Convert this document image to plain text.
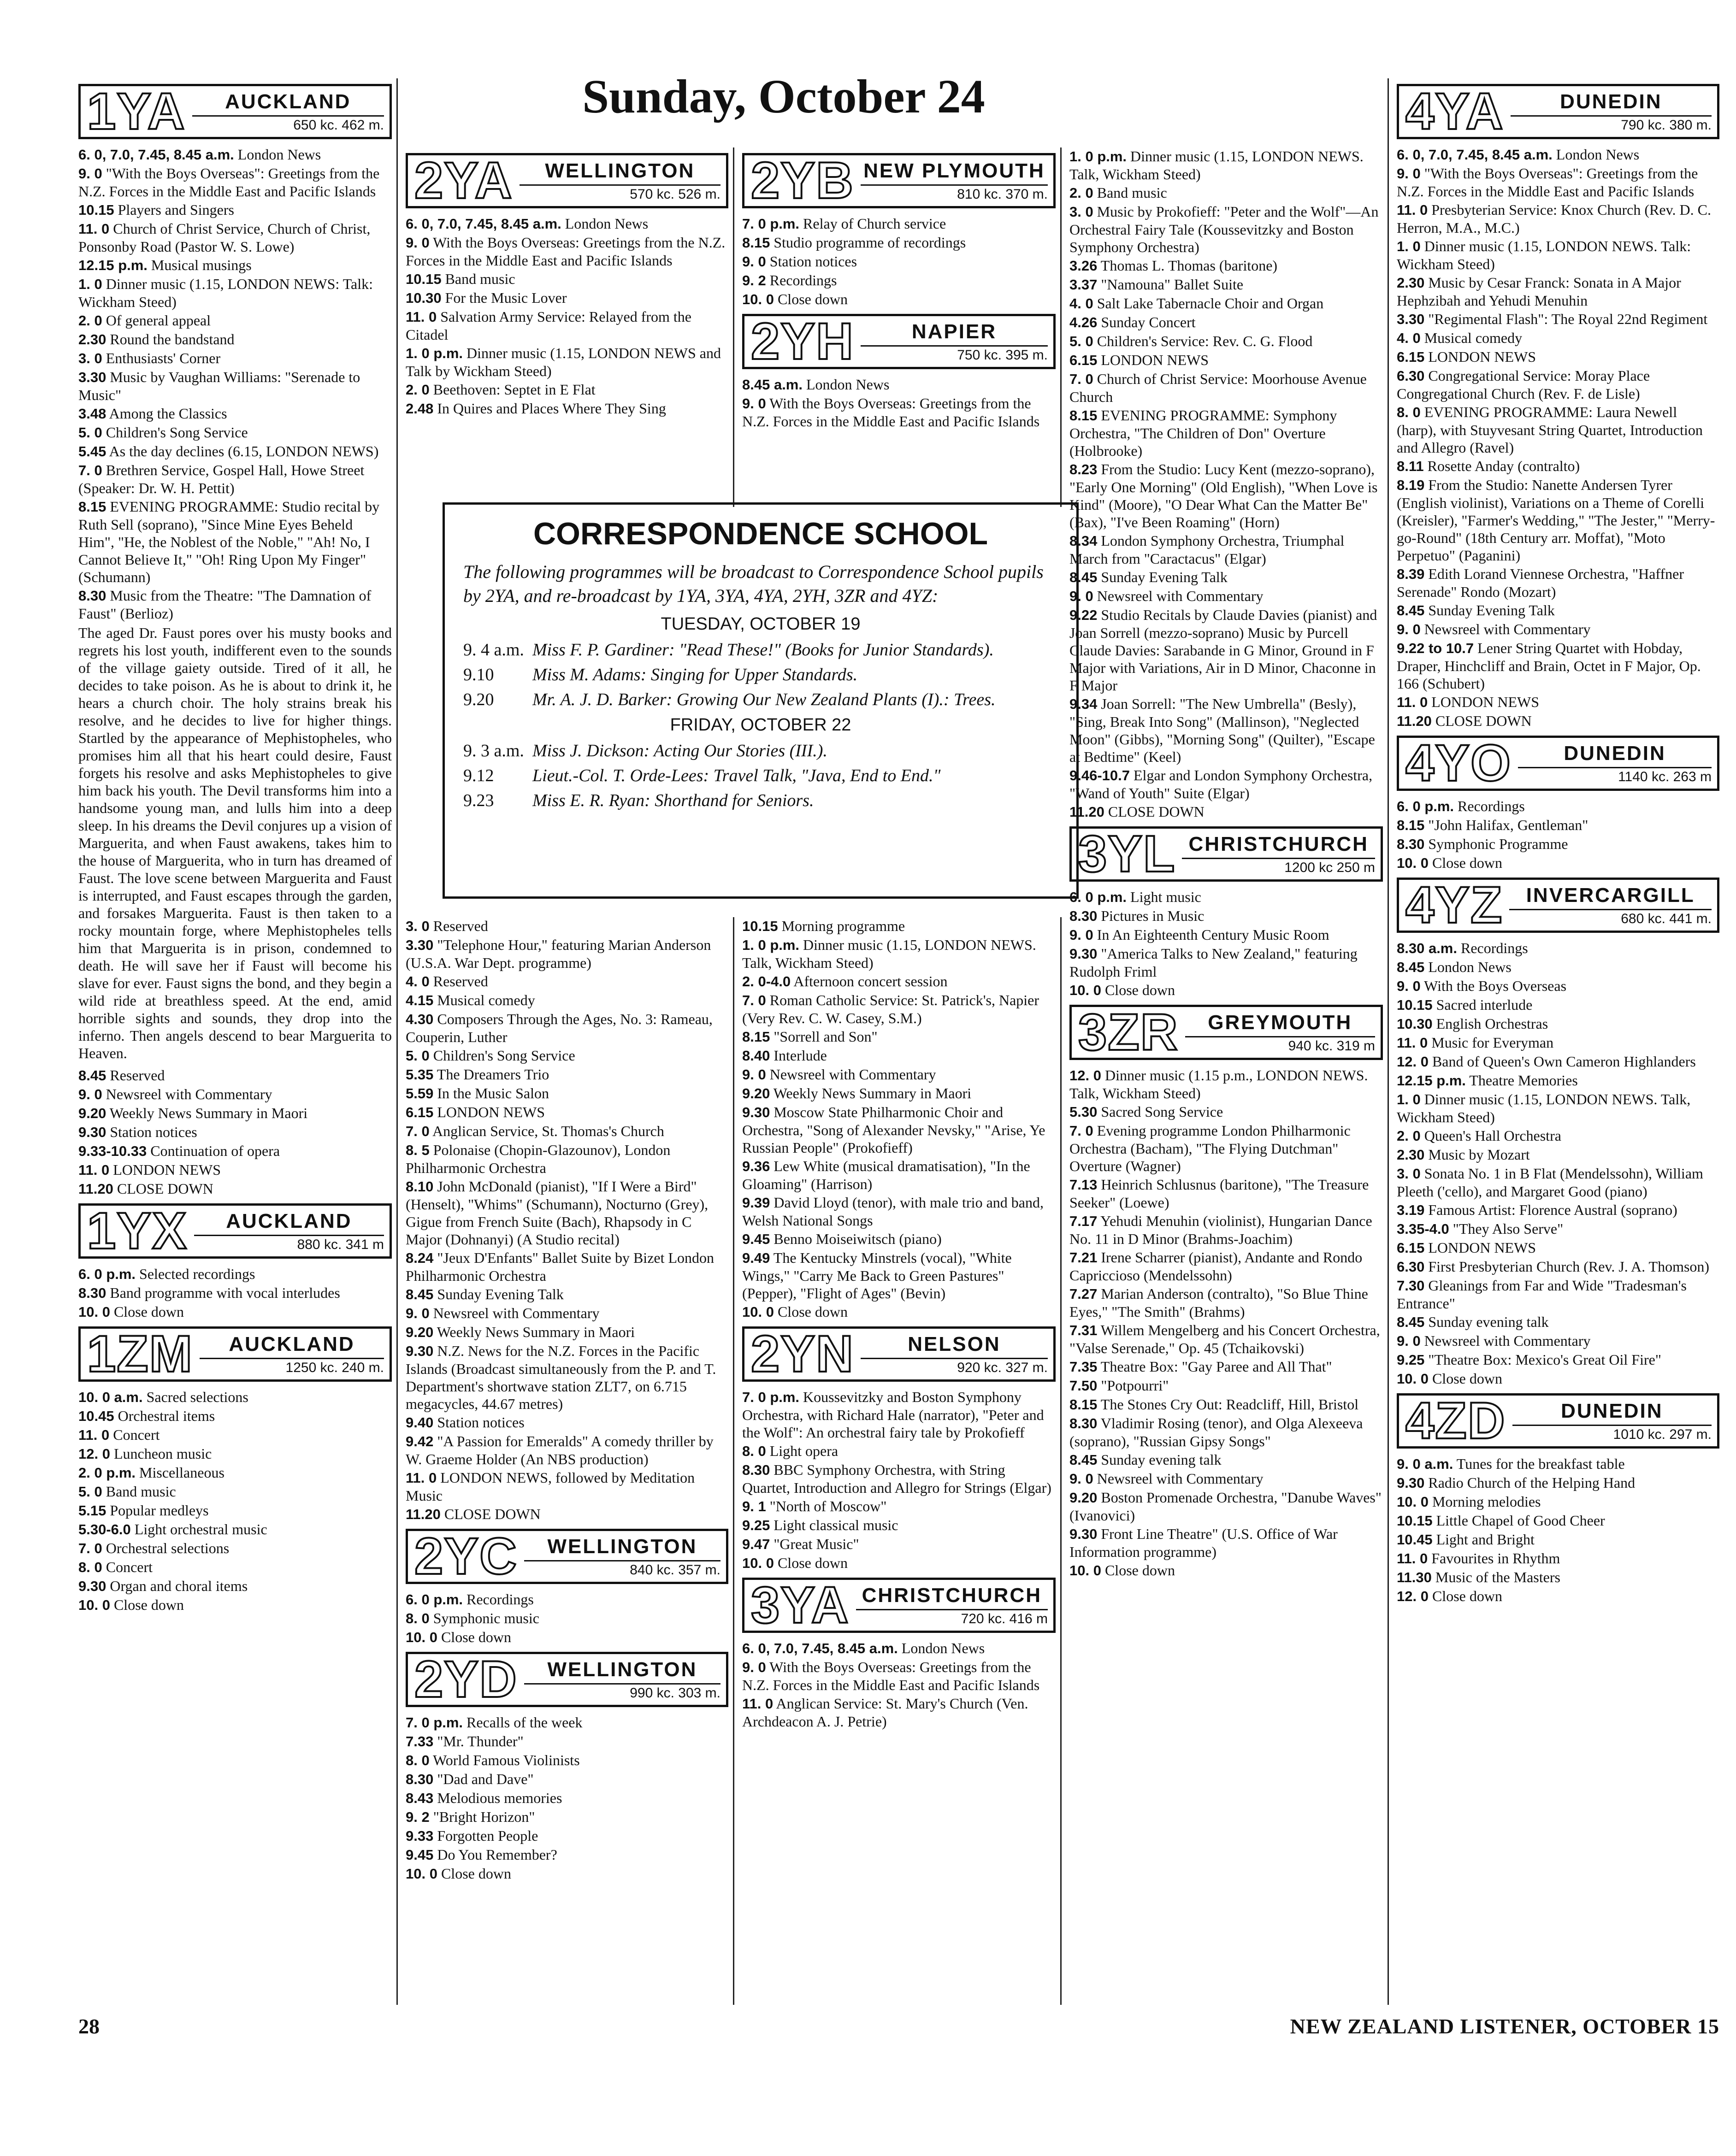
Sunday, October 24
1YA	AUCKLAND
650 kc. 462 m.
6. 0, 7.0, 7.45, 8.45 a.m. London News
9. 0 "With the Boys Overseas": Greetings from the N.Z. Forces in the Middle East and Pacific Islands
10.15 Players and Singers
11. 0 Church of Christ Service, Church of Christ, Ponsonby Road (Pastor W. S. Lowe)
12.15 p.m. Musical musings
1. 0 Dinner music (1.15, LONDON NEWS: Talk: Wickham Steed)
2. 0 Of general appeal
2.30 Round the bandstand
3. 0 Enthusiasts' Corner
3.30 Music by Vaughan Williams: "Serenade to Music"
3.48 Among the Classics
5. 0 Children's Song Service
5.45 As the day declines (6.15, LONDON NEWS)
7. 0 Brethren Service, Gospel Hall, Howe Street (Speaker: Dr. W. H. Pettit)
8.15 EVENING PROGRAMME: Studio recital by Ruth Sell (soprano), "Since Mine Eyes Beheld Him", "He, the Noblest of the Noble," "Ah! No, I Cannot Believe It," "Oh! Ring Upon My Finger" (Schumann)
8.30 Music from the Theatre: "The Damnation of Faust" (Berlioz)

The aged Dr. Faust pores over his musty books and regrets his lost youth, indifferent even to the sounds of the village gaiety outside. Tired of it all, he decides to take poison. As he is about to drink it, he hears a church choir. The holy strains break his resolve, and he decides to live for higher things. Startled by the appearance of Mephistopheles, who promises him all that his heart could desire, Faust forgets his resolve and asks Mephistopheles to give him back his youth. The Devil transforms him into a handsome young man, and lulls him into a deep sleep. In his dreams the Devil conjures up a vision of Marguerita, and when Faust awakens, takes him to the house of Marguerita, who in turn has dreamed of Faust. The love scene between Marguerita and Faust is interrupted, and Faust escapes through the garden, and forsakes Marguerita. Faust is then taken to a rocky mountain forge, where Mephistopheles tells him that Marguerita is in prison, condemned to death. He will save her if Faust will become his slave for ever. Faust signs the bond, and they begin a wild ride at breathless speed. At the end, amid horrible sights and sounds, they drop into the inferno. Then angels descend to bear Marguerita to Heaven.

8.45 Reserved
9. 0 Newsreel with Commentary
9.20 Weekly News Summary in Maori
9.30 Station notices
9.33-10.33 Continuation of opera
11. 0 LONDON NEWS
11.20 CLOSE DOWN
1YX	AUCKLAND
880 kc. 341 m
6. 0 p.m. Selected recordings
8.30 Band programme with vocal interludes
10. 0 Close down
1ZM	AUCKLAND
1250 kc. 240 m.
10. 0 a.m. Sacred selections
10.45 Orchestral items
11. 0 Concert
12. 0 Luncheon music
2. 0 p.m. Miscellaneous
5. 0 Band music
5.15 Popular medleys
5.30-6.0 Light orchestral music
7. 0 Orchestral selections
8. 0 Concert
9.30 Organ and choral items
10. 0 Close down
2YA	WELLINGTON
570 kc. 526 m.
6. 0, 7.0, 7.45, 8.45 a.m. London News
9. 0 With the Boys Overseas: Greetings from the N.Z. Forces in the Middle East and Pacific Islands
10.15 Band music
10.30 For the Music Lover
11. 0 Salvation Army Service: Relayed from the Citadel
1. 0 p.m. Dinner music (1.15, LONDON NEWS and Talk by Wickham Steed)
2. 0 Beethoven: Septet in E Flat
2.48 In Quires and Places Where They Sing
2YB NEW PLYMOUTH
810 kc. 370 m.
7. 0 p.m. Relay of Church service
8.15 Studio programme of recordings
9. 0 Station notices
9. 2 Recordings
10. 0 Close down
2YH	NAPIER
750 kc. 395 m.
8.45 a.m. London News
9. 0 With the Boys Overseas: Greetings from the N.Z. Forces in the Middle East and Pacific Islands
1. 0 p.m. Dinner music (1.15, LONDON NEWS. Talk, Wickham Steed)
2. 0 Band music
3. 0 Music by Prokofieff: "Peter and the Wolf"—An Orchestral Fairy Tale (Koussevitzky and Boston Symphony Orchestra)
3.26 Thomas L. Thomas (baritone)
3.37 "Namouna" Ballet Suite
4. 0 Salt Lake Tabernacle Choir and Organ
4.26 Sunday Concert
5. 0 Children's Service: Rev. C. G. Flood
6.15 LONDON NEWS
7. 0 Church of Christ Service: Moorhouse Avenue Church
8.15 EVENING PROGRAMME: Symphony Orchestra, "The Children of Don" Overture (Holbrooke)
8.23 From the Studio: Lucy Kent (mezzo-soprano), "Early One Morning" (Old English), "When Love is Kind" (Moore), "O Dear What Can the Matter Be" (Bax), "I've Been Roaming" (Horn)
8.34 London Symphony Orchestra, Triumphal March from "Caractacus" (Elgar)
8.45 Sunday Evening Talk
9. 0 Newsreel with Commentary
9.22 Studio Recitals by Claude Davies (pianist) and Joan Sorrell (mezzo-soprano) Music by Purcell Claude Davies: Sarabande in G Minor, Ground in F Major with Variations, Air in D Minor, Chaconne in F Major
9.34 Joan Sorrell: "The New Umbrella" (Besly), "Sing, Break Into Song" (Mallinson), "Neglected Moon" (Gibbs), "Morning Song" (Quilter), "Escape at Bedtime" (Keel)
9.46-10.7 Elgar and London Symphony Orchestra, "Wand of Youth" Suite (Elgar)
11.20 CLOSE DOWN
3YL CHRISTCHURCH
1200 kc 250 m
6. 0 p.m. Light music
8.30 Pictures in Music
9. 0 In An Eighteenth Century Music Room
9.30 "America Talks to New Zealand," featuring Rudolph Friml
10. 0 Close down
3ZR	GREYMOUTH
940 kc. 319 m
12. 0 Dinner music (1.15 p.m., LONDON NEWS. Talk, Wickham Steed)
5.30 Sacred Song Service
7. 0 Evening programme London Philharmonic Orchestra (Bacham), "The Flying Dutchman" Overture (Wagner)
7.13 Heinrich Schlusnus (baritone), "The Treasure Seeker" (Loewe)
7.17 Yehudi Menuhin (violinist), Hungarian Dance No. 11 in D Minor (Brahms-Joachim)
7.21 Irene Scharrer (pianist), Andante and Rondo Capriccioso (Mendelssohn)
7.27 Marian Anderson (contralto), "So Blue Thine Eyes," "The Smith" (Brahms)
7.31 Willem Mengelberg and his Concert Orchestra, "Valse Serenade," Op. 45 (Tchaikovski)
7.35 Theatre Box: "Gay Paree and All That"
7.50 "Potpourri"
8.15 The Stones Cry Out: Readcliff, Hill, Bristol
8.30 Vladimir Rosing (tenor), and Olga Alexeeva (soprano), "Russian Gipsy Songs"
8.45 Sunday evening talk
9. 0 Newsreel with Commentary
9.20 Boston Promenade Orchestra, "Danube Waves" (Ivanovici)
9.30 Front Line Theatre" (U.S. Office of War Information programme)
10. 0 Close down
3. 0 Reserved
3.30 "Telephone Hour," featuring Marian Anderson (U.S.A. War Dept. programme)
4. 0 Reserved
4.15 Musical comedy
4.30 Composers Through the Ages, No. 3: Rameau, Couperin, Luther
5. 0 Children's Song Service
5.35 The Dreamers Trio
5.59 In the Music Salon
6.15 LONDON NEWS
7. 0 Anglican Service, St. Thomas's Church
8. 5 Polonaise (Chopin-Glazounov), London Philharmonic Orchestra
8.10 John McDonald (pianist), "If I Were a Bird" (Henselt), "Whims" (Schumann), Nocturno (Grey), Gigue from French Suite (Bach), Rhapsody in C Major (Dohnanyi) (A Studio recital)
8.24 "Jeux D'Enfants" Ballet Suite by Bizet London Philharmonic Orchestra
8.45 Sunday Evening Talk
9. 0 Newsreel with Commentary
9.20 Weekly News Summary in Maori
9.30 N.Z. News for the N.Z. Forces in the Pacific Islands (Broadcast simultaneously from the P. and T. Department's shortwave station ZLT7, on 6.715 megacycles, 44.67 metres)
9.40 Station notices
9.42 "A Passion for Emeralds" A comedy thriller by W. Graeme Holder (An NBS production)
11. 0 LONDON NEWS, followed by Meditation Music
11.20 CLOSE DOWN
2YC	WELLINGTON
840 kc. 357 m.
6. 0 p.m. Recordings
8. 0 Symphonic music
10. 0 Close down
2YD	WELLINGTON
990 kc. 303 m.
7. 0 p.m. Recalls of the week
7.33 "Mr. Thunder"
8. 0 World Famous Violinists
8.30 "Dad and Dave"
8.43 Melodious memories
9. 2 "Bright Horizon"
9.33 Forgotten People
9.45 Do You Remember?
10. 0 Close down
10.15 Morning programme
1. 0 p.m. Dinner music (1.15, LONDON NEWS. Talk, Wickham Steed)
2. 0-4.0 Afternoon concert session
7. 0 Roman Catholic Service: St. Patrick's, Napier (Very Rev. C. W. Casey, S.M.)
8.15 "Sorrell and Son"
8.40 Interlude
9. 0 Newsreel with Commentary
9.20 Weekly News Summary in Maori
9.30 Moscow State Philharmonic Choir and Orchestra, "Song of Alexander Nevsky," "Arise, Ye Russian People" (Prokofieff)
9.36 Lew White (musical dramatisation), "In the Gloaming" (Harrison)
9.39 David Lloyd (tenor), with male trio and band, Welsh National Songs
9.45 Benno Moiseiwitsch (piano)
9.49 The Kentucky Minstrels (vocal), "White Wings," "Carry Me Back to Green Pastures" (Pepper), "Flight of Ages" (Bevin)
10. 0 Close down
2YN	NELSON
920 kc. 327 m.
7. 0 p.m. Koussevitzky and Boston Symphony Orchestra, with Richard Hale (narrator), "Peter and the Wolf": An orchestral fairy tale by Prokofieff
8. 0 Light opera
8.30 BBC Symphony Orchestra, with String Quartet, Introduction and Allegro for Strings (Elgar)
9. 1 "North of Moscow"
9.25 Light classical music
9.47 "Great Music"
10. 0 Close down
3YA CHRISTCHURCH
720 kc. 416 m
6. 0, 7.0, 7.45, 8.45 a.m. London News
9. 0 With the Boys Overseas: Greetings from the N.Z. Forces in the Middle East and Pacific Islands
11. 0 Anglican Service: St. Mary's Church (Ven. Archdeacon A. J. Petrie)
4YA	DUNEDIN
790 kc. 380 m.
6. 0, 7.0, 7.45, 8.45 a.m. London News
9. 0 "With the Boys Overseas": Greetings from the N.Z. Forces in the Middle East and Pacific Islands
11. 0 Presbyterian Service: Knox Church (Rev. D. C. Herron, M.A., M.C.)
1. 0 Dinner music (1.15, LONDON NEWS. Talk: Wickham Steed)
2.30 Music by Cesar Franck: Sonata in A Major Hephzibah and Yehudi Menuhin
3.30 "Regimental Flash": The Royal 22nd Regiment
4. 0 Musical comedy
6.15 LONDON NEWS
6.30 Congregational Service: Moray Place Congregational Church (Rev. F. de Lisle)
8. 0 EVENING PROGRAMME: Laura Newell (harp), with Stuyvesant String Quartet, Introduction and Allegro (Ravel)
8.11 Rosette Anday (contralto)
8.19 From the Studio: Nanette Andersen Tyrer (English violinist), Variations on a Theme of Corelli (Kreisler), "Farmer's Wedding," "The Jester," "Merry-go-Round" (18th Century arr. Moffat), "Moto Perpetuo" (Paganini)
8.39 Edith Lorand Viennese Orchestra, "Haffner Serenade" Rondo (Mozart)
8.45 Sunday Evening Talk
9. 0 Newsreel with Commentary
9.22 to 10.7 Lener String Quartet with Hobday, Draper, Hinchcliff and Brain, Octet in F Major, Op. 166 (Schubert)
11. 0 LONDON NEWS
11.20 CLOSE DOWN
4YO	DUNEDIN
1140 kc. 263 m
6. 0 p.m. Recordings
8.15 "John Halifax, Gentleman"
8.30 Symphonic Programme
10. 0 Close down
4YZ	INVERCARGILL
680 kc. 441 m.
8.30 a.m. Recordings
8.45 London News
9. 0 With the Boys Overseas
10.15 Sacred interlude
10.30 English Orchestras
11. 0 Music for Everyman
12. 0 Band of Queen's Own Cameron Highlanders
12.15 p.m. Theatre Memories
1. 0 Dinner music (1.15, LONDON NEWS. Talk, Wickham Steed)
2. 0 Queen's Hall Orchestra
2.30 Music by Mozart
3. 0 Sonata No. 1 in B Flat (Mendelssohn), William Pleeth ('cello), and Margaret Good (piano)
3.19 Famous Artist: Florence Austral (soprano)
3.35-4.0 "They Also Serve"
6.15 LONDON NEWS
6.30 First Presbyterian Church (Rev. J. A. Thomson)
7.30 Gleanings from Far and Wide "Tradesman's Entrance"
8.45 Sunday evening talk
9. 0 Newsreel with Commentary
9.25 "Theatre Box: Mexico's Great Oil Fire"
10. 0 Close down
4ZD	DUNEDIN
1010 kc. 297 m.
9. 0 a.m. Tunes for the breakfast table
9.30 Radio Church of the Helping Hand
10. 0 Morning melodies
10.15 Little Chapel of Good Cheer
10.45 Light and Bright
11. 0 Favourites in Rhythm
11.30 Music of the Masters
12. 0 Close down
CORRESPONDENCE SCHOOL

The following programmes will be broadcast to Correspondence School pupils by 2YA, and re-broadcast by 1YA, 3YA, 4YA, 2YH, 3ZR and 4YZ:

TUESDAY, OCTOBER 19
9. 4 a.m. Miss F. P. Gardiner: "Read These!" (Books for Junior Standards).
9.10	Miss M. Adams: Singing for Upper Standards.
9.20	Mr. A. J. D. Barker: Growing Our New Zealand Plants (I).: Trees.
FRIDAY, OCTOBER 22
9. 3 a.m. Miss J. Dickson: Acting Our Stories (III.).
9.12	Lieut.-Col. T. Orde-Lees: Travel Talk, "Java, End to End."
9.23	Miss E. R. Ryan: Shorthand for Seniors.
28	NEW ZEALAND LISTENER, OCTOBER 15
